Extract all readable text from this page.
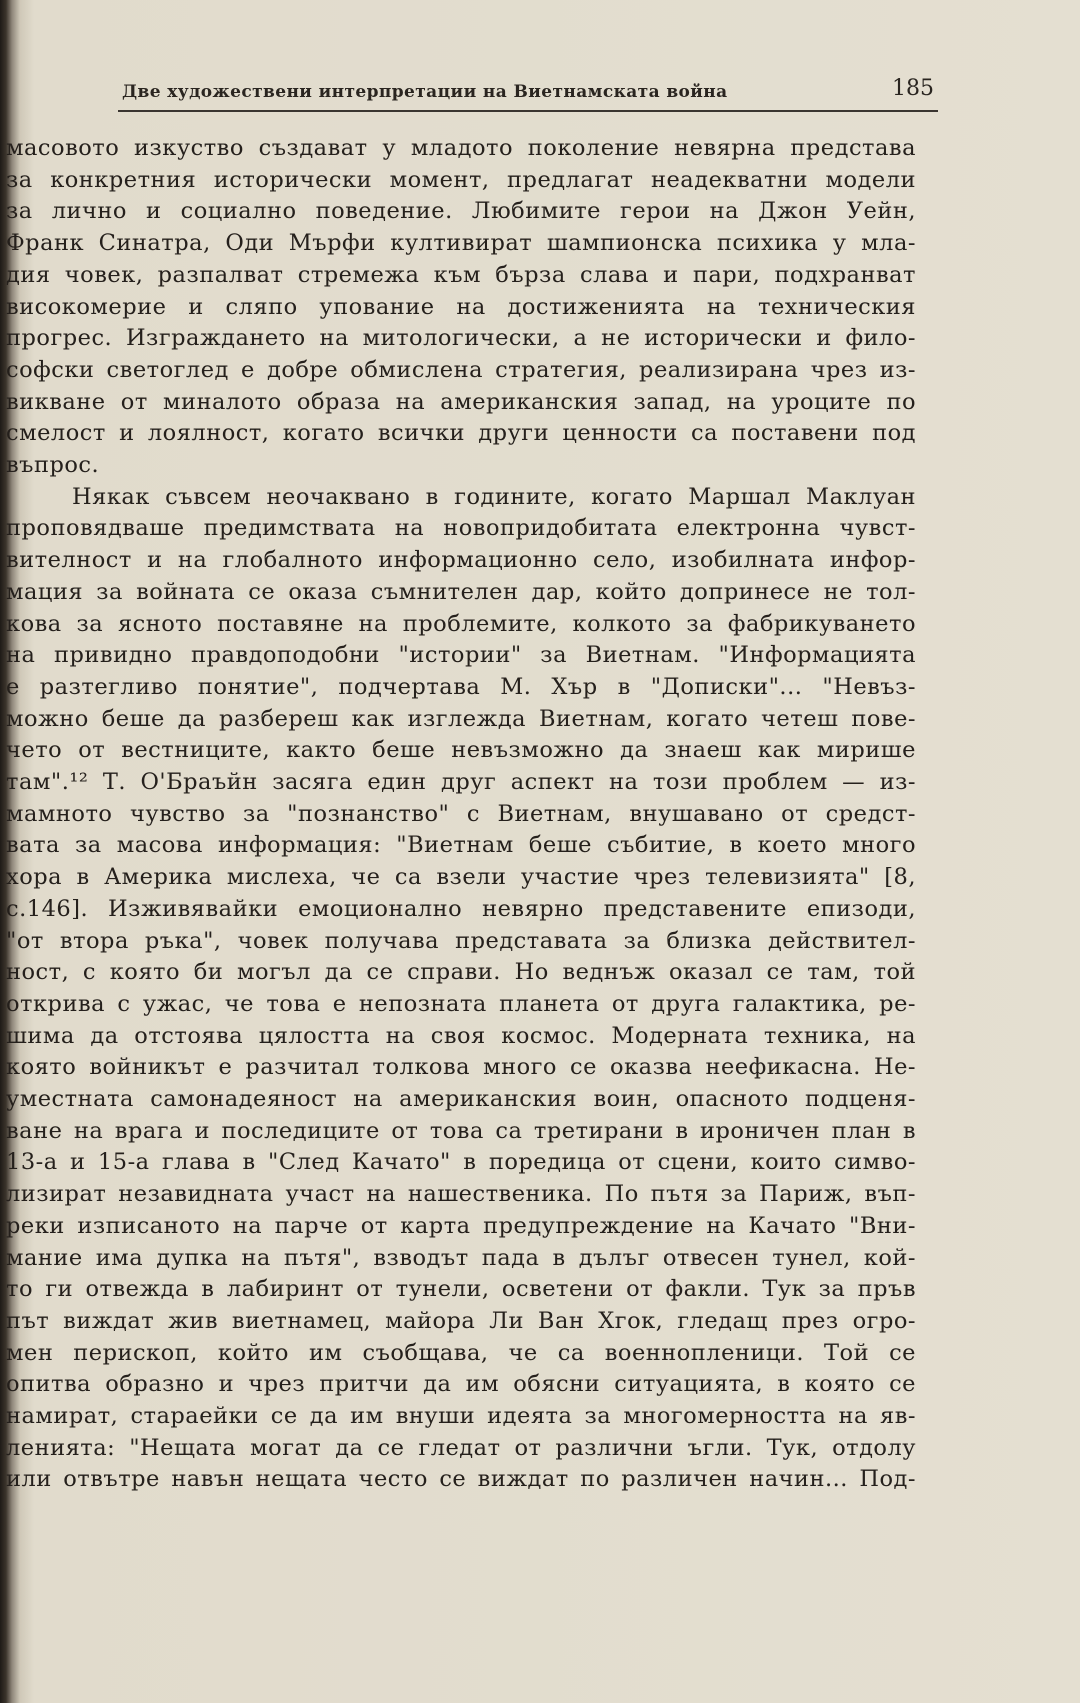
Две художествени интерпретации на Виетнамската война	185
масовото изкуство създават у младото поколение невярна представа
за конкретния исторически момент, предлагат неадекватни модели
за лично и социално поведение. Любимите герои на Джон Уейн,
Франк Синатра, Оди Мърфи култивират шампионска психика у мла-
дия човек, разпалват стремежа към бърза слава и пари, подхранват
високомерие и сляпо упование на достиженията на техническия
прогрес. Изграждането на митологически, а не исторически и фило-
софски светоглед е добре обмислена стратегия, реализирана чрез из-
викване от миналото образа на американския запад, на уроците по
смелост и лоялност, когато всички други ценности са поставени под
въпрос.
Някак съвсем неочаквано в годините, когато Маршал Маклуан
проповядваше предимствата на новопридобитата електронна чувст-
вителност и на глобалното информационно село, изобилната инфор-
мация за войната се оказа съмнителен дар, който допринесе не тол-
кова за ясното поставяне на проблемите, колкото за фабрикуването
на привидно правдоподобни "истории" за Виетнам. "Информацията
е разтегливо понятие", подчертава М. Хър в "Дописки"... "Невъз-
можно беше да разбереш как изглежда Виетнам, когато четеш пове-
чето от вестниците, както беше невъзможно да знаеш как мирише
там".¹² Т. О'Браъйн засяга един друг аспект на този проблем — из-
мамното чувство за "познанство" с Виетнам, внушавано от средст-
вата за масова информация: "Виетнам беше събитие, в което много
хора в Америка мислеха, че са взели участие чрез телевизията" [8,
с.146]. Изживявайки емоционално невярно представените епизоди,
"от втора ръка", човек получава представата за близка действител-
ност, с която би могъл да се справи. Но веднъж оказал се там, той
открива с ужас, че това е непозната планета от друга галактика, ре-
шима да отстоява цялостта на своя космос. Модерната техника, на
която войникът е разчитал толкова много се оказва неефикасна. Не-
уместната самонадеяност на американския воин, опасното подценя-
ване на врага и последиците от това са третирани в ироничен план в
13-а и 15-а глава в "След Качато" в поредица от сцени, които симво-
лизират незавидната участ на нашественика. По пътя за Париж, въп-
реки изписаното на парче от карта предупреждение на Качато "Вни-
мание има дупка на пътя", взводът пада в дълъг отвесен тунел, кой-
то ги отвежда в лабиринт от тунели, осветени от факли. Тук за пръв
път виждат жив виетнамец, майора Ли Ван Хгок, гледащ през огро-
мен перископ, който им съобщава, че са военнопленици. Той се
опитва образно и чрез притчи да им обясни ситуацията, в която се
намират, стараейки се да им внуши идеята за многомерността на яв-
ленията: "Нещата могат да се гледат от различни ъгли. Тук, отдолу
или отвътре навън нещата често се виждат по различен начин... Под-
